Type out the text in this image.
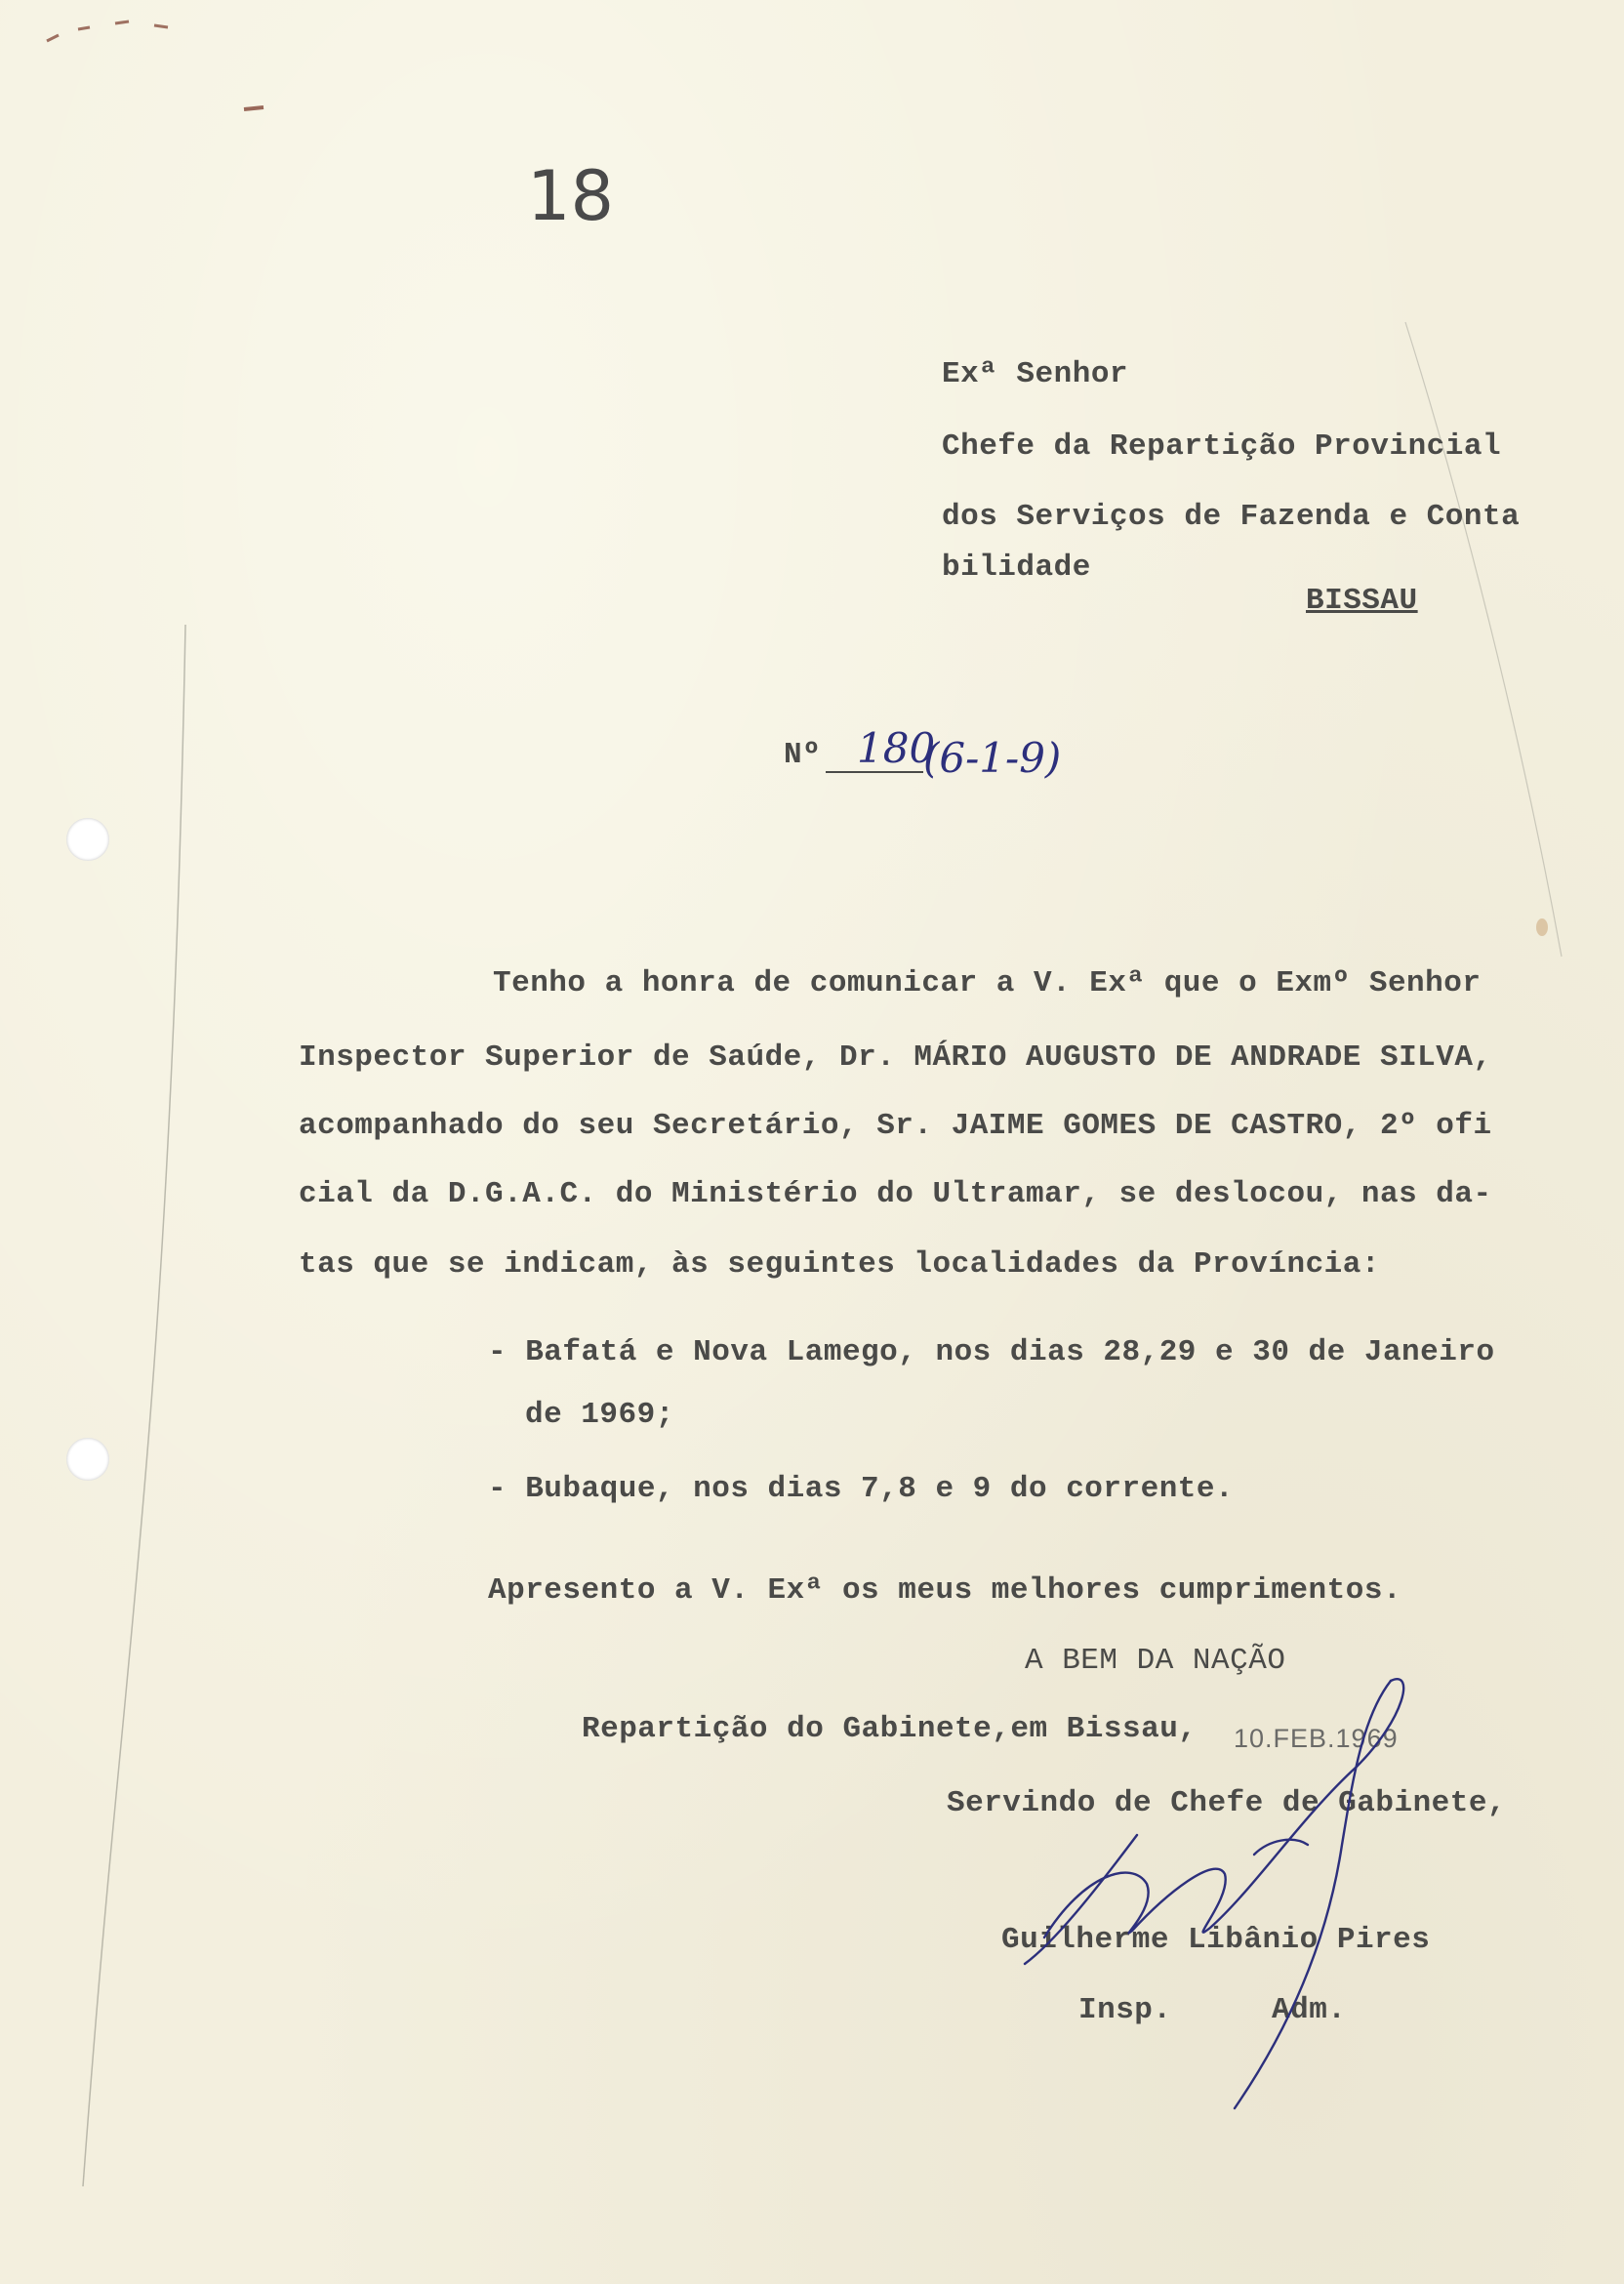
18
Exª Senhor
Chefe da Repartição Provincial
dos Serviços de Fazenda e Conta
bilidade
BISSAU
Nº 180
(6-1-9)
Tenho a honra de comunicar a V. Exª que o Exmº Senhor
Inspector Superior de Saúde, Dr. MÁRIO AUGUSTO DE ANDRADE SILVA,
acompanhado do seu Secretário, Sr. JAIME GOMES DE CASTRO, 2º ofi
cial da D.G.A.C. do Ministério do Ultramar, se deslocou, nas da-
tas que se indicam, às seguintes localidades da Província:
- Bafatá e Nova Lamego, nos dias 28,29 e 30 de Janeiro
de 1969;
- Bubaque, nos dias 7,8 e 9 do corrente.
Apresento a V. Exª os meus melhores cumprimentos.
A BEM DA NAÇÃO
Repartição do Gabinete,em Bissau, 10.FEB.1969
Servindo de Chefe de Gabinete,
Guilherme Libânio Pires
Insp.	Adm.
